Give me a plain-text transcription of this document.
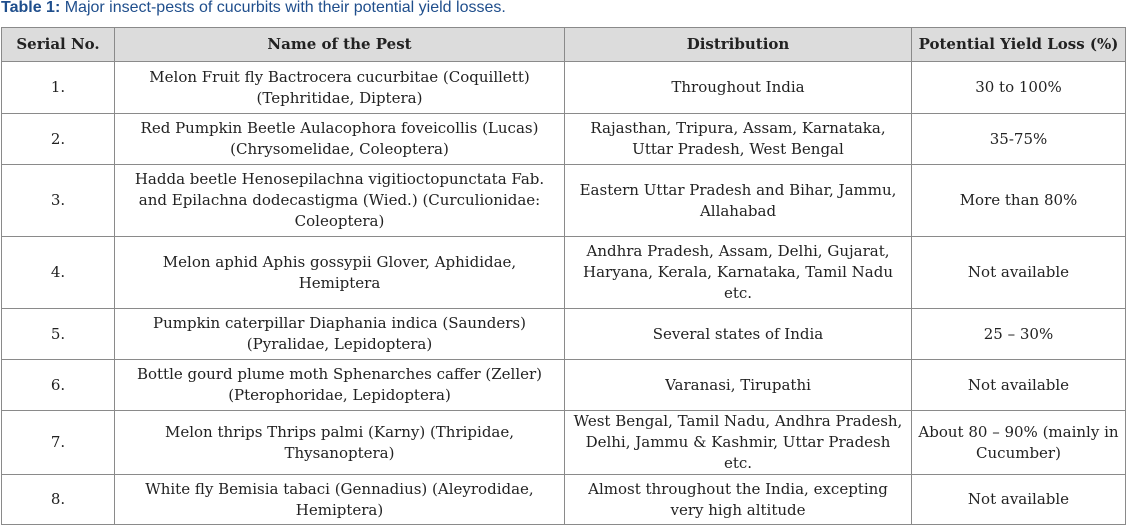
Table 1: Major insect-pests of cucurbits with their potential yield losses.
Serial No.	Name of the Pest	Distribution	Potential Yield Loss (%)
1.	Melon Fruit fly Bactrocera cucurbitae (Coquillett) (Tephritidae, Diptera)	Throughout India	30 to 100%
2.	Red Pumpkin Beetle Aulacophora foveicollis (Lucas) (Chrysomelidae, Coleoptera)	Rajasthan, Tripura, Assam, Karnataka, Uttar Pradesh, West Bengal	35-75%
3.	Hadda beetle Henosepilachna vigitioctopunctata Fab. and Epilachna dodecastigma (Wied.) (Curculionidae: Coleoptera)	Eastern Uttar Pradesh and Bihar, Jammu, Allahabad	More than 80%
4.	Melon aphid Aphis gossypii Glover, Aphididae, Hemiptera	Andhra Pradesh, Assam, Delhi, Gujarat, Haryana, Kerala, Karnataka, Tamil Nadu etc.	Not available
5.	Pumpkin caterpillar Diaphania indica (Saunders) (Pyralidae, Lepidoptera)	Several states of India	25 – 30%
6.	Bottle gourd plume moth Sphenarches caffer (Zeller) (Pterophoridae, Lepidoptera)	Varanasi, Tirupathi	Not available
7.	Melon thrips Thrips palmi (Karny) (Thripidae, Thysanoptera)	West Bengal, Tamil Nadu, Andhra Pradesh, Delhi, Jammu & Kashmir, Uttar Pradesh etc.	About 80 – 90% (mainly in Cucumber)
8.	White fly Bemisia tabaci (Gennadius) (Aleyrodidae, Hemiptera)	Almost throughout the India, excepting very high altitude	Not available
